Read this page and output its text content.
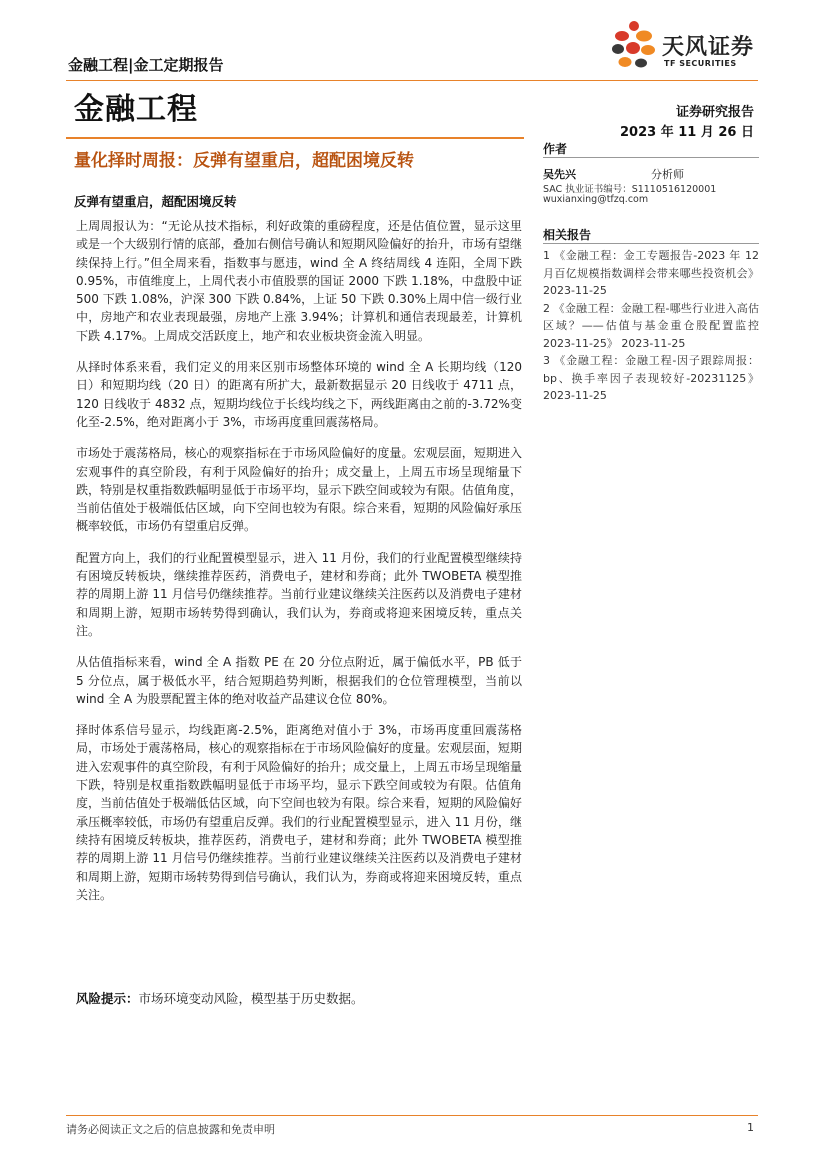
金融工程|金工定期报告
天风证券
TF SECURITIES
金融工程	证券研究报告
2023 年 11 月 26 日
量化择时周报：反弹有望重启，超配困境反转
反弹有望重启，超配困境反转

上周周报认为：“无论从技术指标，利好政策的重磅程度，还是估值位置，显示这里或是一个大级别行情的底部，叠加右侧信号确认和短期风险偏好的抬升，市场有望继续保持上行。”但全周来看，指数事与愿违，wind 全 A 终结周线 4 连阳，全周下跌 0.95%，市值维度上，上周代表小市值股票的国证 2000 下跌 1.18%，中盘股中证 500 下跌 1.08%，沪深 300 下跌 0.84%，上证 50 下跌 0.30%上周中信一级行业中，房地产和农业表现最强，房地产上涨 3.94%；计算机和通信表现最差，计算机下跌 4.17%。上周成交活跃度上，地产和农业板块资金流入明显。

从择时体系来看，我们定义的用来区别市场整体环境的 wind 全 A 长期均线（120 日）和短期均线（20 日）的距离有所扩大，最新数据显示 20 日线收于 4711 点，120 日线收于 4832 点，短期均线位于长线均线之下，两线距离由之前的-3.72%变化至-2.5%，绝对距离小于 3%，市场再度重回震荡格局。

市场处于震荡格局，核心的观察指标在于市场风险偏好的度量。宏观层面，短期进入宏观事件的真空阶段，有利于风险偏好的抬升；成交量上，上周五市场呈现缩量下跌，特别是权重指数跌幅明显低于市场平均，显示下跌空间或较为有限。估值角度，当前估值处于极端低估区域，向下空间也较为有限。综合来看，短期的风险偏好承压概率较低，市场仍有望重启反弹。

配置方向上，我们的行业配置模型显示，进入 11 月份，我们的行业配置模型继续持有困境反转板块，继续推荐医药，消费电子，建材和券商；此外 TWOBETA 模型推荐的周期上游 11 月信号仍继续推荐。当前行业建议继续关注医药以及消费电子建材和周期上游，短期市场转势得到确认，我们认为，券商或将迎来困境反转，重点关注。

从估值指标来看，wind 全 A 指数 PE 在 20 分位点附近，属于偏低水平，PB 低于 5 分位点，属于极低水平，结合短期趋势判断，根据我们的仓位管理模型，当前以 wind 全 A 为股票配置主体的绝对收益产品建议仓位 80%。

择时体系信号显示，均线距离-2.5%，距离绝对值小于 3%，市场再度重回震荡格局，市场处于震荡格局，核心的观察指标在于市场风险偏好的度量。宏观层面，短期进入宏观事件的真空阶段，有利于风险偏好的抬升；成交量上，上周五市场呈现缩量下跌，特别是权重指数跌幅明显低于市场平均，显示下跌空间或较为有限。估值角度，当前估值处于极端低估区域，向下空间也较为有限。综合来看，短期的风险偏好承压概率较低，市场仍有望重启反弹。我们的行业配置模型显示，进入 11 月份，继续持有困境反转板块，推荐医药，消费电子，建材和券商；此外 TWOBETA 模型推荐的周期上游 11 月信号仍继续推荐。当前行业建议继续关注医药以及消费电子建材和周期上游，短期市场转势得到信号确认，我们认为，券商或将迎来困境反转，重点关注。

风险提示：市场环境变动风险，模型基于历史数据。
作者
吴先兴	分析师
SAC 执业证书编号：S1110516120001
wuxianxing@tfzq.com
相关报告

1 《金融工程：金工专题报告-2023 年 12 月百亿规模指数调样会带来哪些投资机会》 2023-11-25

2 《金融工程：金融工程-哪些行业进入高估区域？——估值与基金重仓股配置监控 2023-11-25》 2023-11-25

3 《金融工程：金融工程-因子跟踪周报：bp、换手率因子表现较好-20231125》 2023-11-25

请务必阅读正文之后的信息披露和免责申明	1
